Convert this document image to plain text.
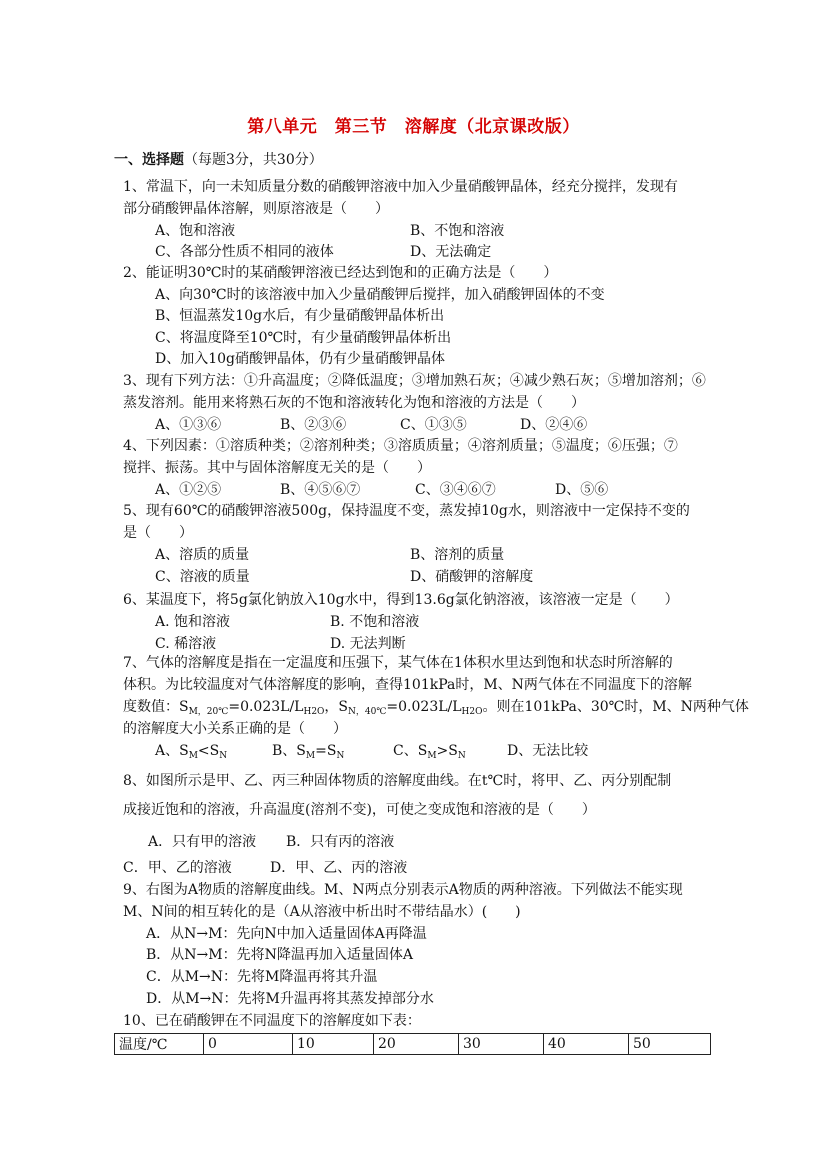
第八单元　第三节　溶解度（北京课改版）
一、选择题（每题3分，共30分）
1、常温下，向一未知质量分数的硝酸钾溶液中加入少量硝酸钾晶体，经充分搅拌，发现有
部分硝酸钾晶体溶解，则原溶液是（　　）
A、饱和溶液	B、不饱和溶液
C、各部分性质不相同的液体	D、无法确定
2、能证明30℃时的某硝酸钾溶液已经达到饱和的正确方法是（　　）
A、向30℃时的该溶液中加入少量硝酸钾后搅拌，加入硝酸钾固体的不变
B、恒温蒸发10g水后，有少量硝酸钾晶体析出
C、将温度降至10℃时，有少量硝酸钾晶体析出
D、加入10g硝酸钾晶体，仍有少量硝酸钾晶体
3、现有下列方法：①升高温度；②降低温度；③增加熟石灰；④减少熟石灰；⑤增加溶剂；⑥
蒸发溶剂。能用来将熟石灰的不饱和溶液转化为饱和溶液的方法是（　　）
A、①③⑥	B、②③⑥	C、①③⑤	D、②④⑥
4、下列因素：①溶质种类；②溶剂种类；③溶质质量；④溶剂质量；⑤温度；⑥压强；⑦
搅拌、振荡。其中与固体溶解度无关的是（　　）
A、①②⑤	B、④⑤⑥⑦	C、③④⑥⑦	D、⑤⑥
5、现有60℃的硝酸钾溶液500g，保持温度不变，蒸发掉10g水，则溶液中一定保持不变的
是（　　）
A、溶质的质量	B、溶剂的质量
C、溶液的质量	D、硝酸钾的溶解度
6、某温度下，将5g氯化钠放入10g水中，得到13.6g氯化钠溶液，该溶液一定是（　　）
A. 饱和溶液	B. 不饱和溶液
C. 稀溶液	D. 无法判断
7、气体的溶解度是指在一定温度和压强下，某气体在1体积水里达到饱和状态时所溶解的
体积。为比较温度对气体溶解度的影响，查得101kPa时，M、N两气体在不同温度下的溶解
度数值：$S_{M,20℃}=0.023L/L_{H2O}$，$S_{N,40℃}=0.023L/L_{H2O}$。则在101kPa、30℃时，M、N两种气体
的溶解度大小关系正确的是（　　）
A、$S_M<S_N$	B、$S_M=S_N$	C、$S_M>S_N$	D、无法比较
8、如图所示是甲、乙、丙三种固体物质的溶解度曲线。在t℃时，将甲、乙、丙分别配制
成接近饱和的溶液，升高温度(溶剂不变)，可使之变成饱和溶液的是（　　）
A．只有甲的溶液 B．只有丙的溶液
C．甲、乙的溶液	D．甲、乙、丙的溶液
9、右图为A物质的溶解度曲线。M、N两点分别表示A物质的两种溶液。下列做法不能实现
M、N间的相互转化的是（A从溶液中析出时不带结晶水）(　　)
A．从N→M：先向N中加入适量固体A再降温
B．从N→M：先将N降温再加入适量固体A
C．从M→N：先将M降温再将其升温
D．从M→N：先将M升温再将其蒸发掉部分水
10、已在硝酸钾在不同温度下的溶解度如下表：
温度/℃	0	10	20	30	40	50
